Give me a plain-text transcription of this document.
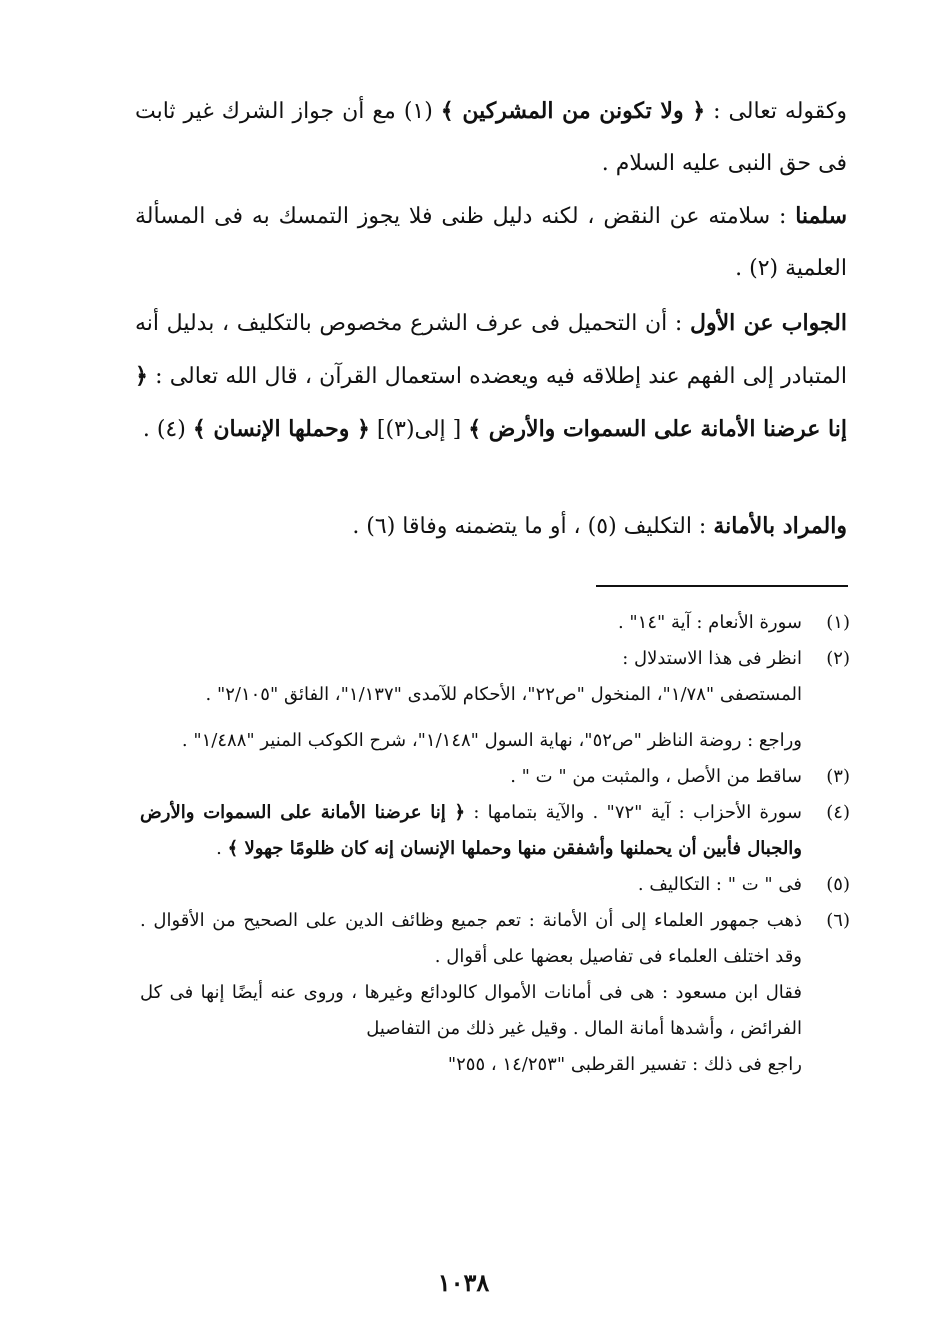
وكقوله تعالى : ﴿ ولا تكونن من المشركين ﴾ (١) مع أن جواز الشرك غير ثابت فى حق النبى عليه السلام .

سلمنا : سلامته عن النقض ، لكنه دليل ظنى فلا يجوز التمسك به فى المسألة العلمية (٢) .

الجواب عن الأول : أن التحميل فى عرف الشرع مخصوص بالتكليف ، بدليل أنه المتبادر إلى الفهم عند إطلاقه فيه ويعضده استعمال القرآن ، قال الله تعالى : ﴿ إنا عرضنا الأمانة على السموات والأرض ﴾ [ إلى(٣)] ﴿ وحملها الإنسان ﴾ (٤) .

والمراد بالأمانة : التكليف (٥) ، أو ما يتضمنه وفاقا (٦) .

(١)
سورة الأنعام : آية "١٤" .
(٢)
انظر فى هذا الاستدلال :
المستصفى "١/٧٨"، المنخول "ص٢٢"، الأحكام للآمدى "١/١٣٧"، الفائق "٢/١٠٥" .
وراجع : روضة الناظر "ص٥٢"، نهاية السول "١/١٤٨"، شرح الكوكب المنير "١/٤٨٨" .
(٣)
ساقط من الأصل ، والمثبت من " ت " .
(٤)
سورة الأحزاب : آية "٧٢" . والآية بتمامها : ﴿ إنا عرضنا الأمانة على السموات والأرض والجبال فأبين أن يحملنها وأشفقن منها وحملها الإنسان إنه كان ظلومًا جهولا ﴾ .
(٥)
فى " ت " : التكاليف .
(٦)
ذهب جمهور العلماء إلى أن الأمانة : تعم جميع وظائف الدين على الصحيح من الأقوال . وقد اختلف العلماء فى تفاصيل بعضها على أقوال .
فقال ابن مسعود : هى فى أمانات الأموال كالودائع وغيرها ، وروى عنه أيضًا إنها فى كل الفرائض ، وأشدها أمانة المال . وقيل غير ذلك من التفاصيل
راجع فى ذلك : تفسير القرطبى "١٤/٢٥٣ ، ٢٥٥"
١٠٣٨
